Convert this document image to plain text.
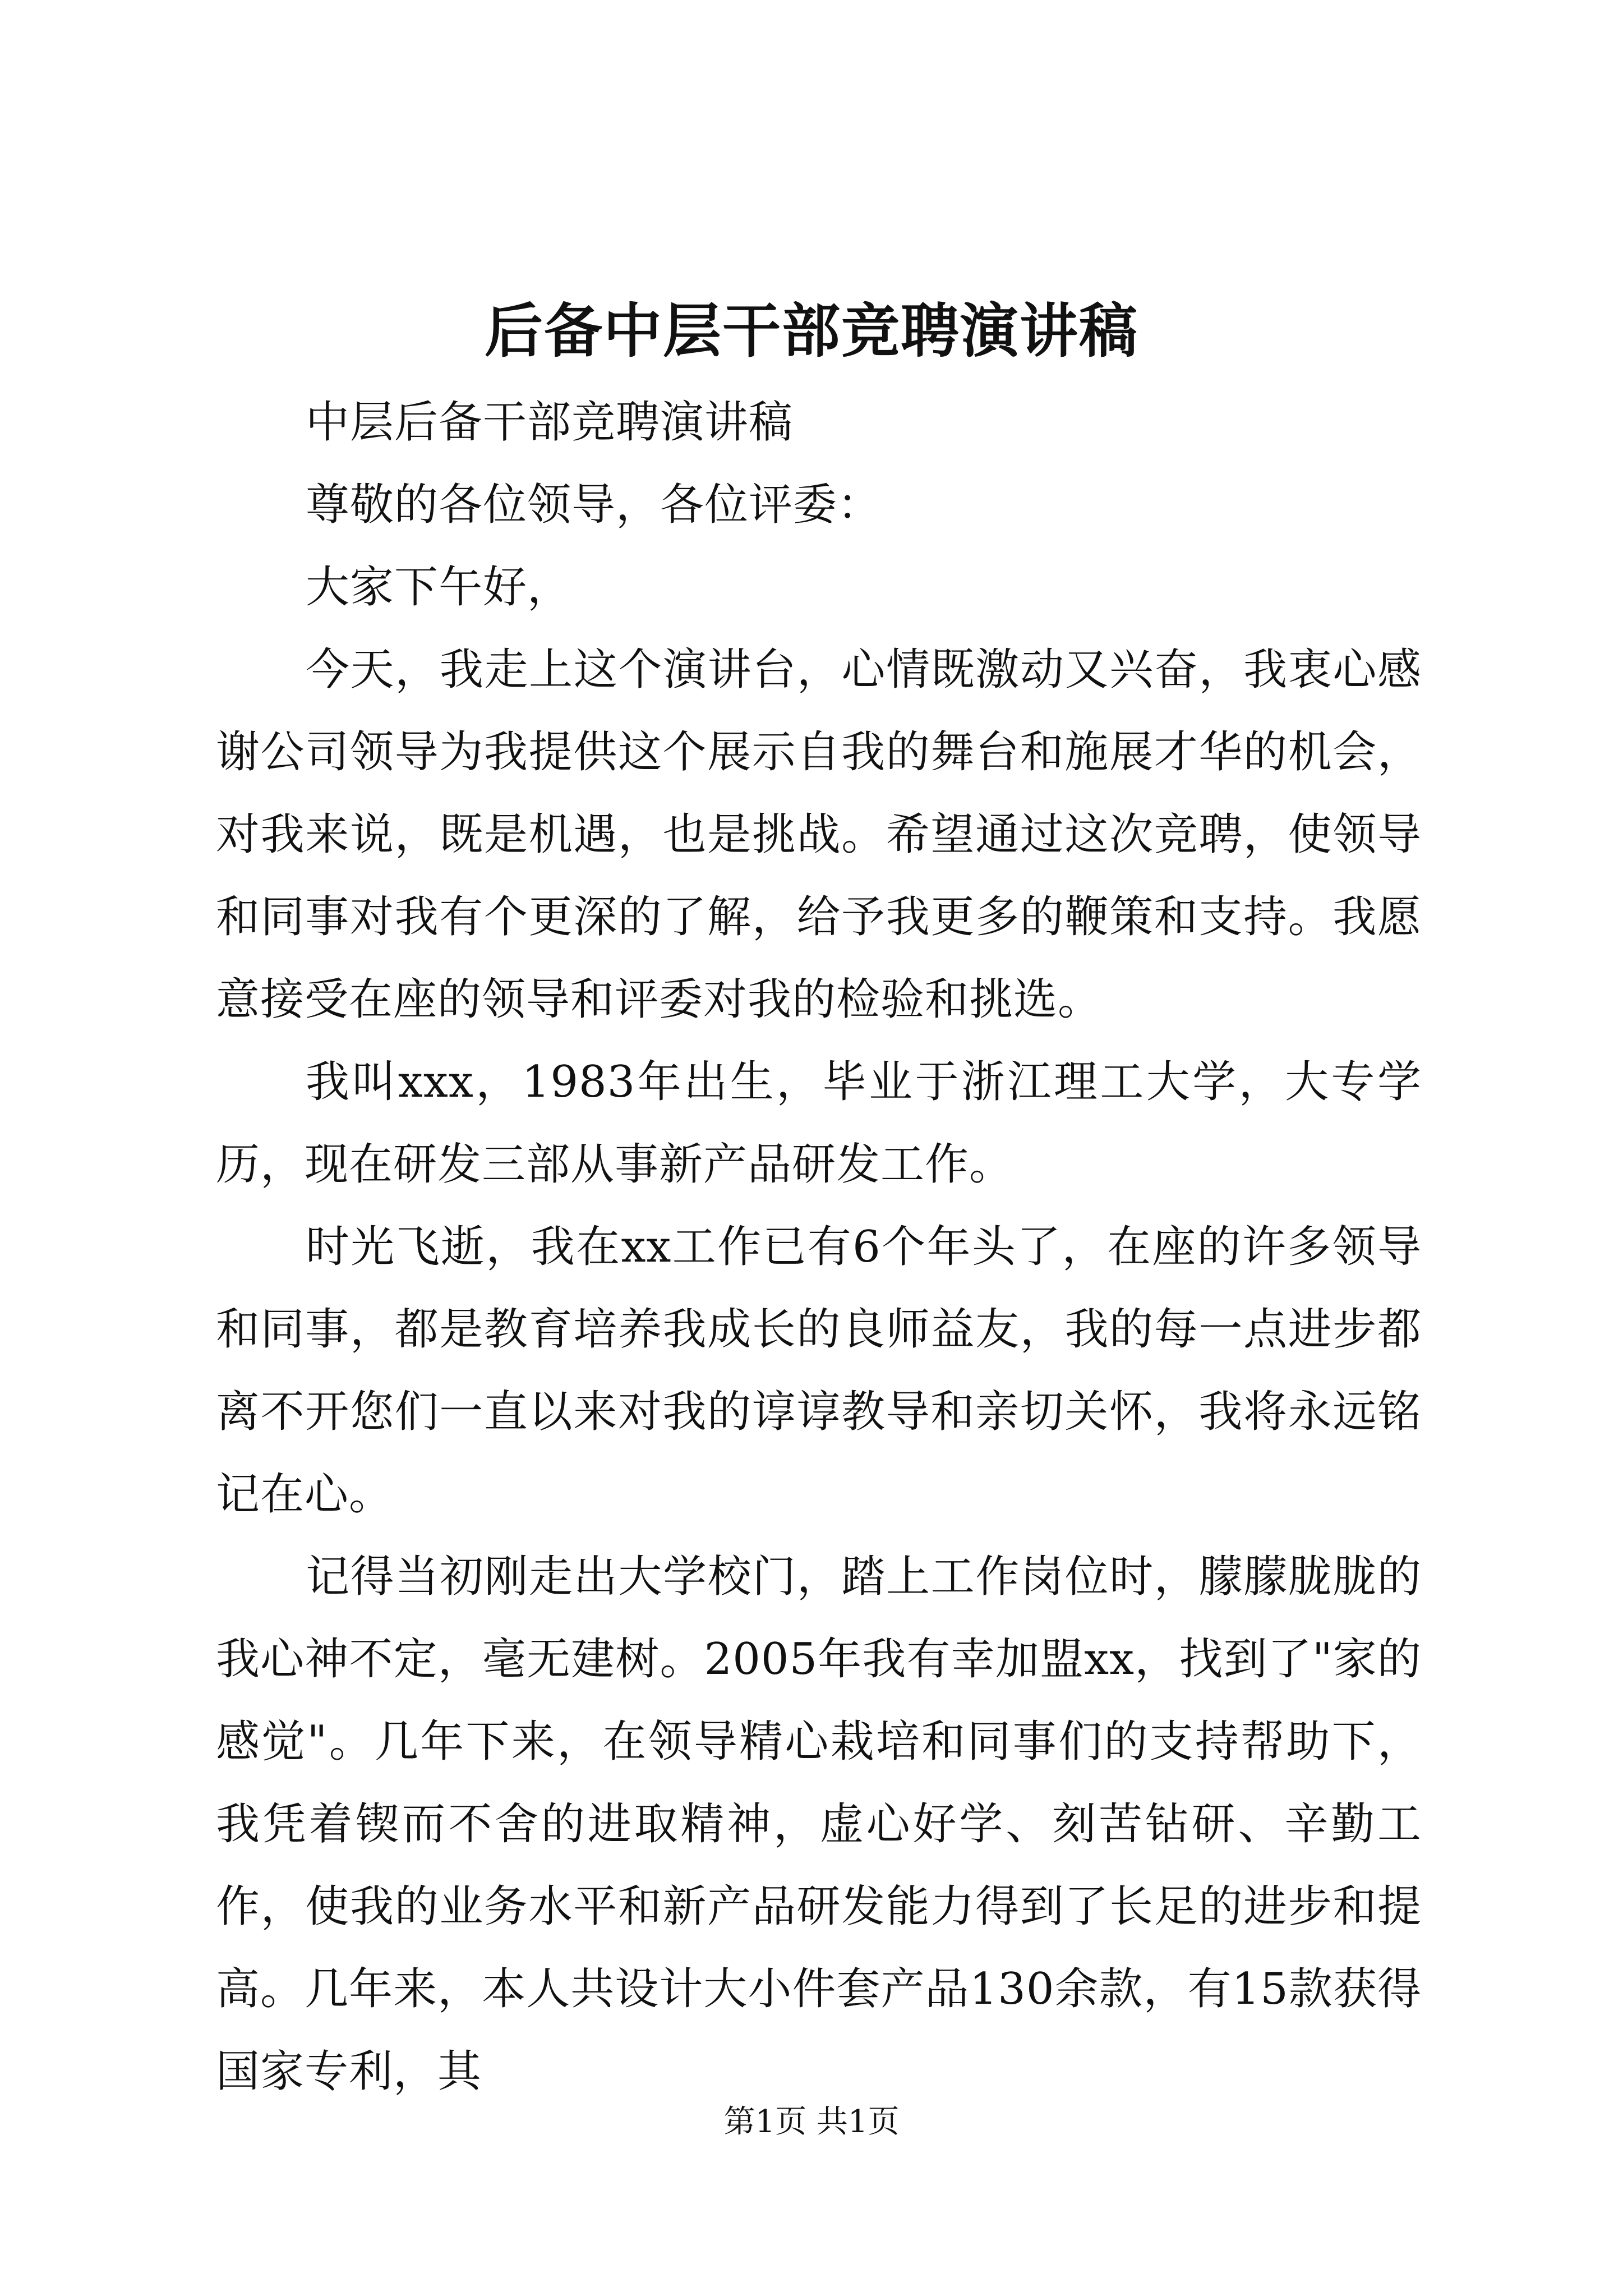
后备中层干部竞聘演讲稿

中层后备干部竞聘演讲稿

尊敬的各位领导，各位评委：

大家下午好，

今天，我走上这个演讲台，心情既激动又兴奋，我衷心感谢公司领导为我提供这个展示自我的舞台和施展才华的机会，对我来说，既是机遇，也是挑战。希望通过这次竞聘，使领导和同事对我有个更深的了解，给予我更多的鞭策和支持。我愿意接受在座的领导和评委对我的检验和挑选。

我叫xxx，1983年出生，毕业于浙江理工大学，大专学历，现在研发三部从事新产品研发工作。

时光飞逝，我在xx工作已有6个年头了，在座的许多领导和同事，都是教育培养我成长的良师益友，我的每一点进步都离不开您们一直以来对我的谆谆教导和亲切关怀，我将永远铭记在心。

记得当初刚走出大学校门，踏上工作岗位时，朦朦胧胧的我心神不定，毫无建树。2005年我有幸加盟xx，找到了"家的感觉"。几年下来，在领导精心栽培和同事们的支持帮助下，我凭着锲而不舍的进取精神，虚心好学、刻苦钻研、辛勤工作，使我的业务水平和新产品研发能力得到了长足的进步和提高。几年来，本人共设计大小件套产品130余款，有15款获得国家专利，其

第1页 共1页
